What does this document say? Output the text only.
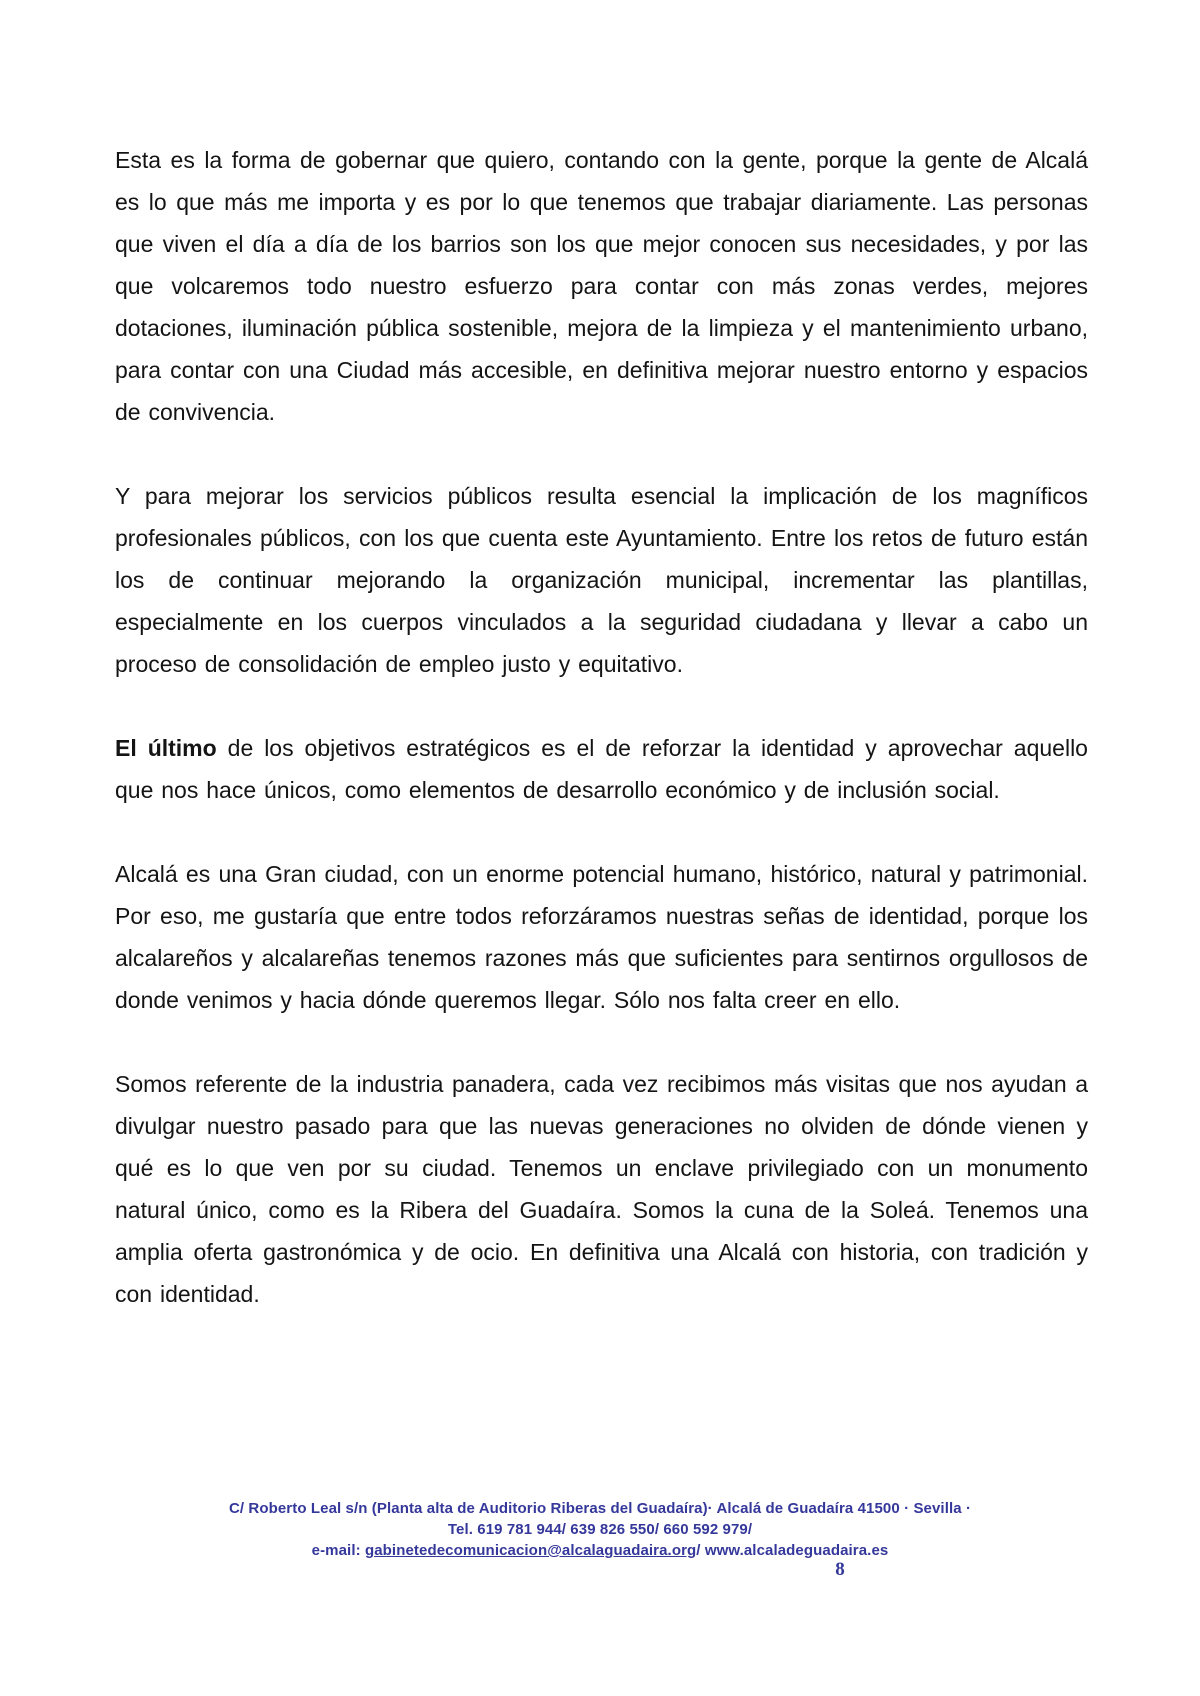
Esta es la forma de gobernar que quiero, contando con la gente, porque la gente de Alcalá es lo que más me importa y es por lo que tenemos que trabajar diariamente. Las personas que viven el día a día de los barrios son los que mejor conocen sus necesidades, y por las que volcaremos todo nuestro esfuerzo para contar con más zonas verdes, mejores dotaciones, iluminación pública sostenible, mejora de la limpieza y el mantenimiento urbano, para contar con una Ciudad más accesible, en definitiva mejorar nuestro entorno y espacios de convivencia.

Y para mejorar los servicios públicos resulta esencial la implicación de los magníficos profesionales públicos, con los que cuenta este Ayuntamiento. Entre los retos de futuro están los de continuar mejorando la organización municipal, incrementar las plantillas, especialmente en los cuerpos vinculados a la seguridad ciudadana y llevar a cabo un proceso de consolidación de empleo justo y equitativo.

El último de los objetivos estratégicos es el de reforzar la identidad y aprovechar aquello que nos hace únicos, como elementos de desarrollo económico y de inclusión social.

Alcalá es una Gran ciudad, con un enorme potencial humano, histórico, natural y patrimonial. Por eso, me gustaría que entre todos reforzáramos nuestras señas de identidad, porque los alcalareños y alcalareñas tenemos razones más que suficientes para sentirnos orgullosos de donde venimos y hacia dónde queremos llegar. Sólo nos falta creer en ello.

Somos referente de la industria panadera, cada vez recibimos más visitas que nos ayudan a divulgar nuestro pasado para que las nuevas generaciones no olviden de dónde vienen y qué es lo que ven por su ciudad. Tenemos un enclave privilegiado con un monumento natural único, como es la Ribera del Guadaíra. Somos la cuna de la Soleá. Tenemos una amplia oferta gastronómica y de ocio. En definitiva una Alcalá con historia, con tradición y con identidad.

C/ Roberto Leal s/n (Planta alta de Auditorio Riberas del Guadaíra)· Alcalá de Guadaíra 41500 · Sevilla ·
Tel. 619 781 944/ 639 826 550/ 660 592 979/
e-mail: gabinetedecomunicacion@alcalaguadaira.org/ www.alcaladeguadaira.es
8
